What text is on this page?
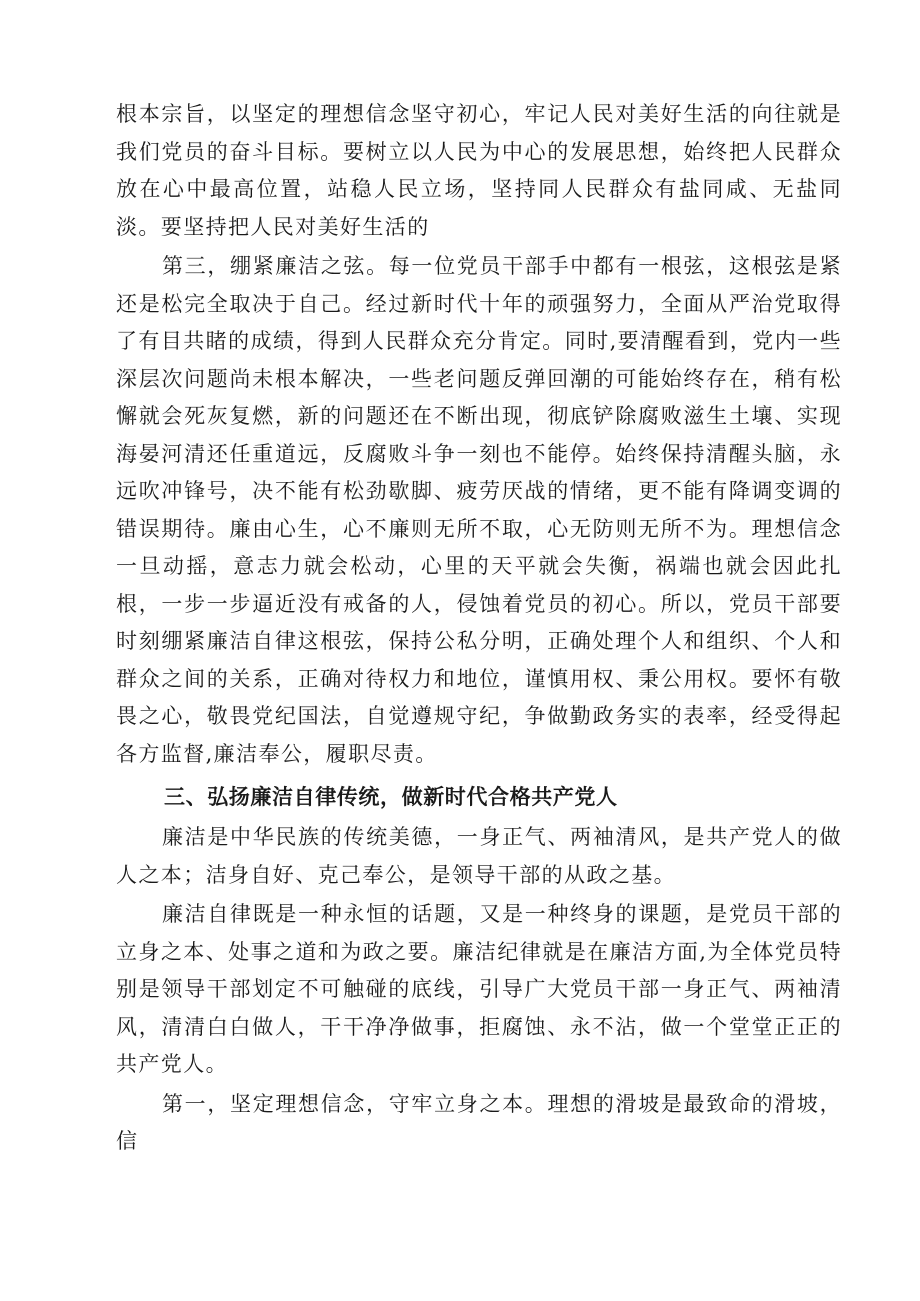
根本宗旨，以坚定的理想信念坚守初心，牢记人民对美好生活的向往就是我们党员的奋斗目标。要树立以人民为中心的发展思想，始终把人民群众放在心中最高位置，站稳人民立场，坚持同人民群众有盐同咸、无盐同淡。要坚持把人民对美好生活的

第三，绷紧廉洁之弦。每一位党员干部手中都有一根弦，这根弦是紧还是松完全取决于自己。经过新时代十年的顽强努力，全面从严治党取得了有目共睹的成绩，得到人民群众充分肯定。同时,要清醒看到，党内一些深层次问题尚未根本解决，一些老问题反弹回潮的可能始终存在，稍有松懈就会死灰复燃，新的问题还在不断出现，彻底铲除腐败滋生土壤、实现海晏河清还任重道远，反腐败斗争一刻也不能停。始终保持清醒头脑，永远吹冲锋号，决不能有松劲歇脚、疲劳厌战的情绪，更不能有降调变调的错误期待。廉由心生，心不廉则无所不取，心无防则无所不为。理想信念一旦动摇，意志力就会松动，心里的天平就会失衡，祸端也就会因此扎根，一步一步逼近没有戒备的人，侵蚀着党员的初心。所以，党员干部要时刻绷紧廉洁自律这根弦，保持公私分明，正确处理个人和组织、个人和群众之间的关系，正确对待权力和地位，谨慎用权、秉公用权。要怀有敬畏之心，敬畏党纪国法，自觉遵规守纪，争做勤政务实的表率，经受得起各方监督,廉洁奉公，履职尽责。

三、弘扬廉洁自律传统，做新时代合格共产党人

廉洁是中华民族的传统美德，一身正气、两袖清风，是共产党人的做人之本；洁身自好、克己奉公，是领导干部的从政之基。

廉洁自律既是一种永恒的话题，又是一种终身的课题，是党员干部的立身之本、处事之道和为政之要。廉洁纪律就是在廉洁方面,为全体党员特别是领导干部划定不可触碰的底线，引导广大党员干部一身正气、两袖清风，清清白白做人，干干净净做事，拒腐蚀、永不沾，做一个堂堂正正的共产党人。

第一，坚定理想信念，守牢立身之本。理想的滑坡是最致命的滑坡，信
